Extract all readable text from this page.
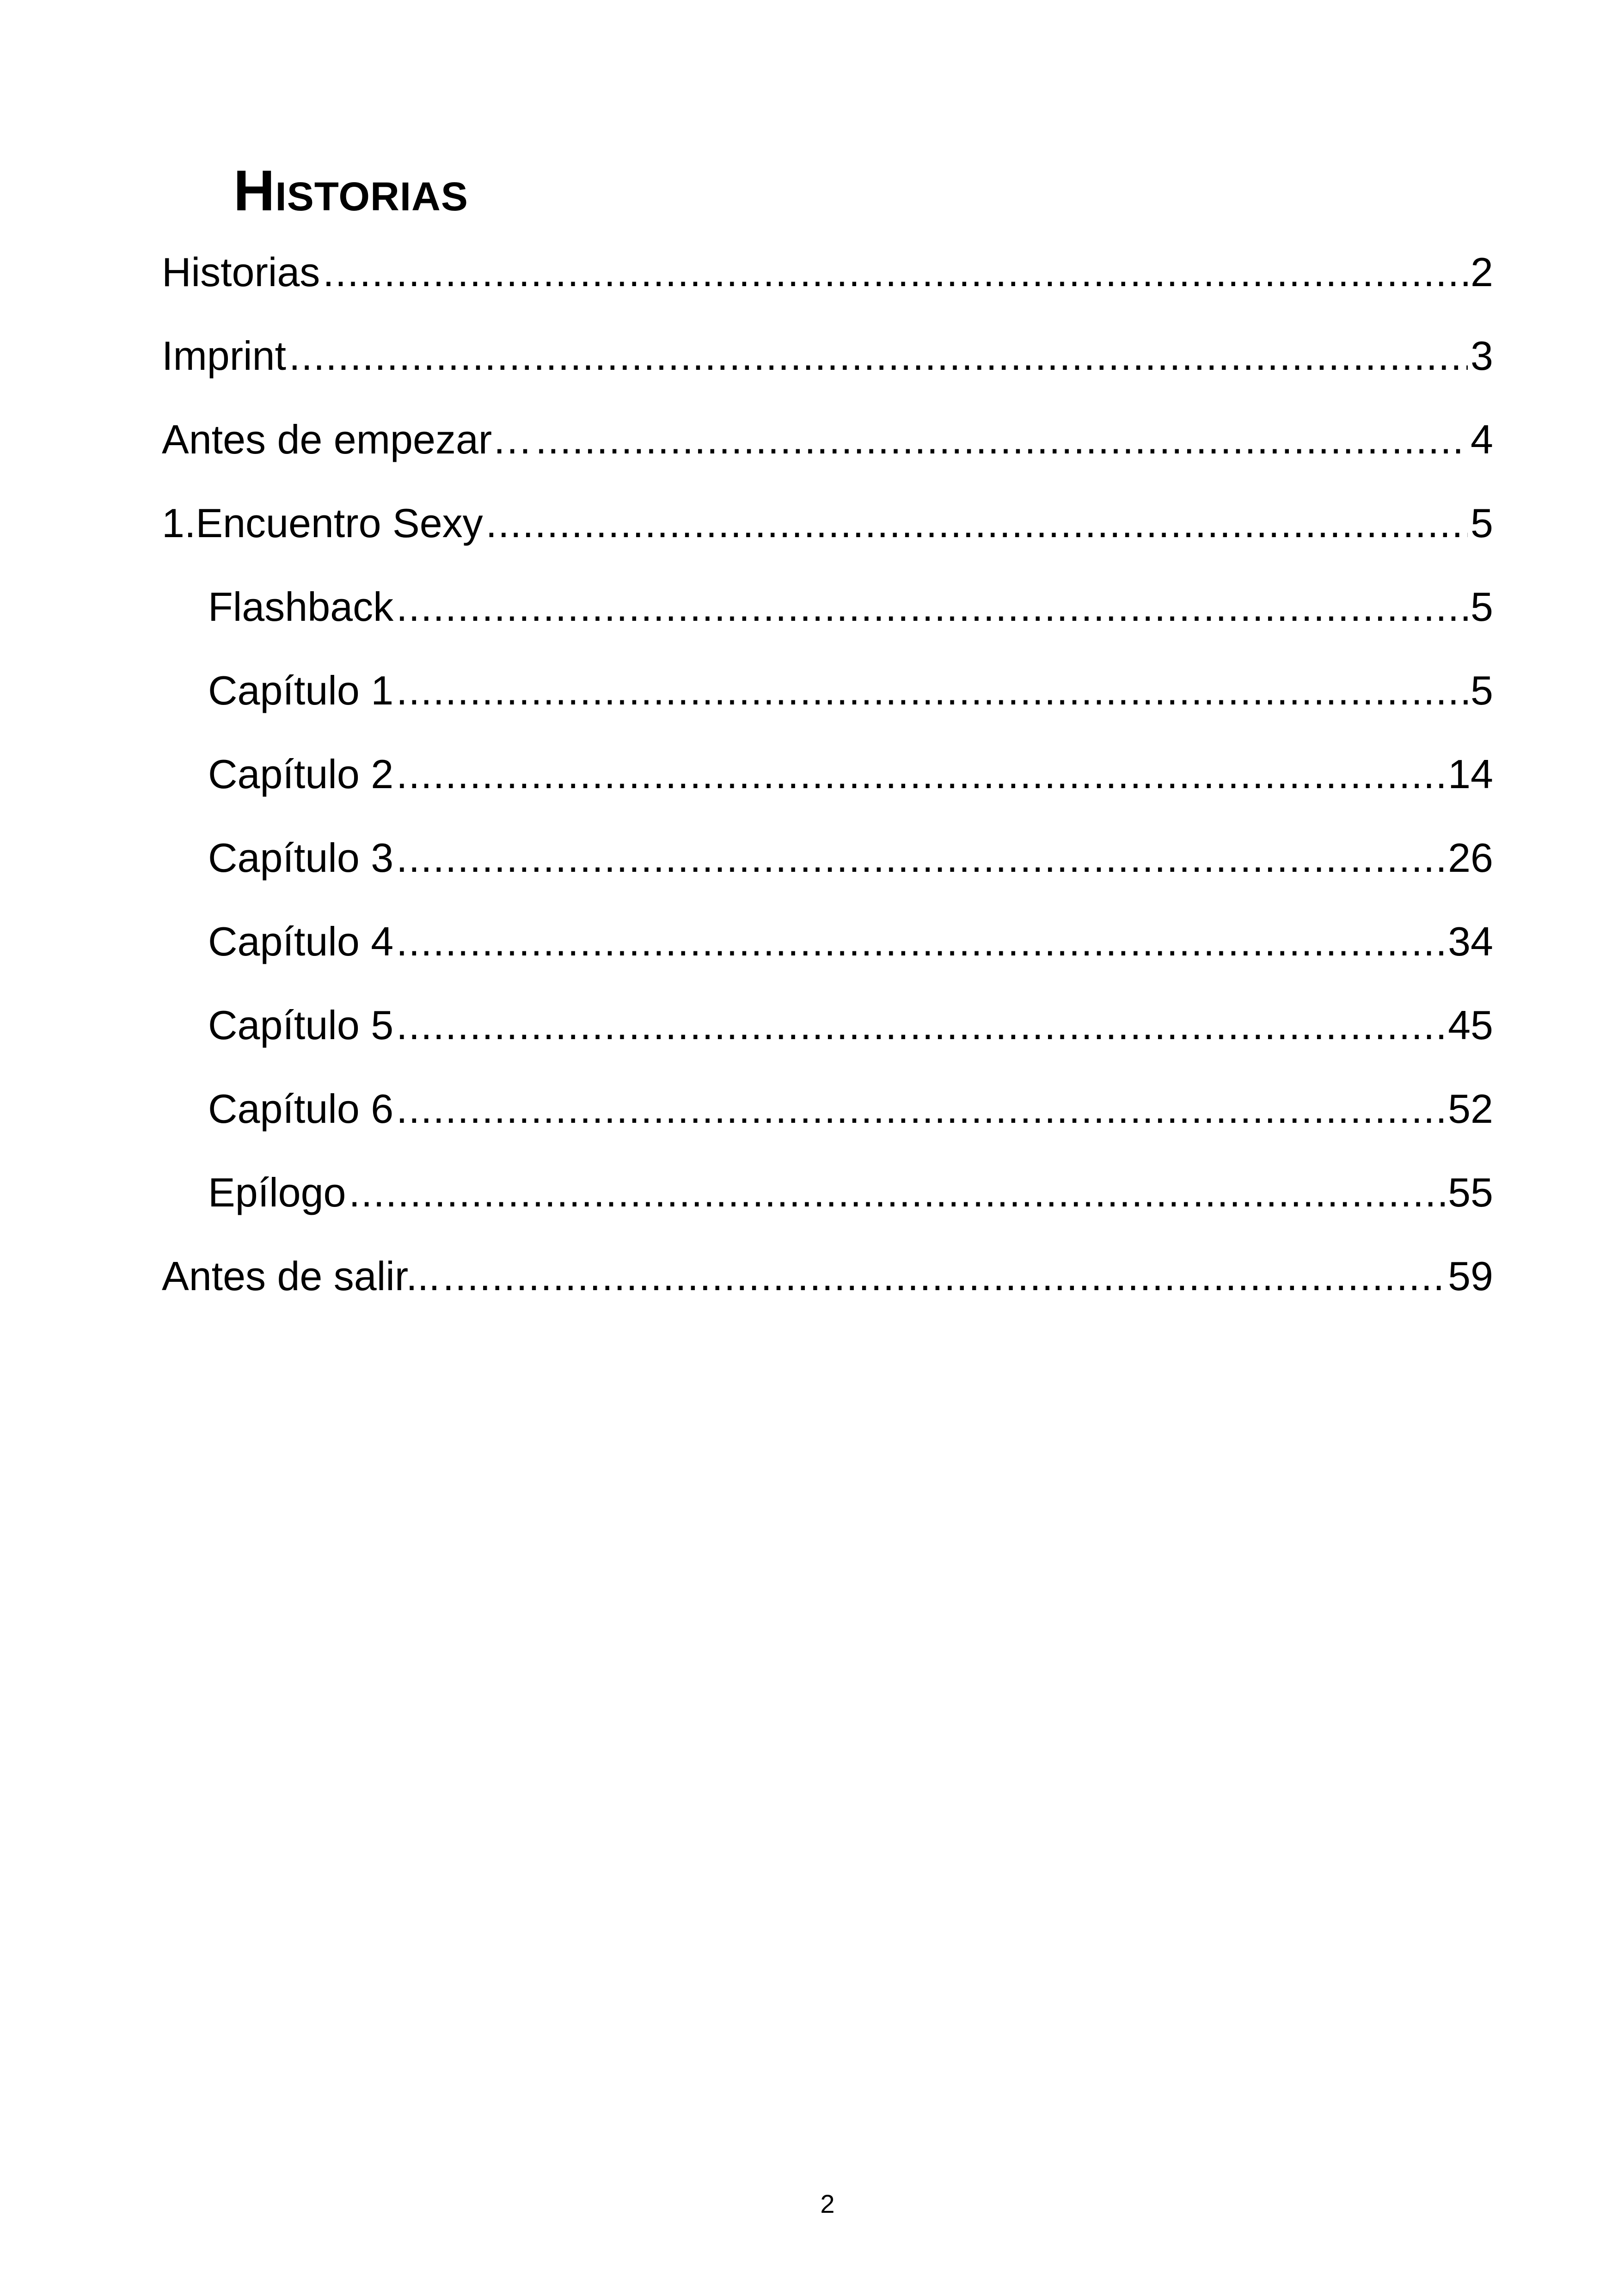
Historias
Historias .....	2
Imprint .....	3
Antes de empezar… .....	4
1. Encuentro Sexy .....	5
Flashback .....	5
Capítulo 1 .....	5
Capítulo 2 .....	14
Capítulo 3 .....	26
Capítulo 4 .....	34
Capítulo 5 .....	45
Capítulo 6 .....	52
Epílogo .....	55
Antes de salir... .....	59
2
